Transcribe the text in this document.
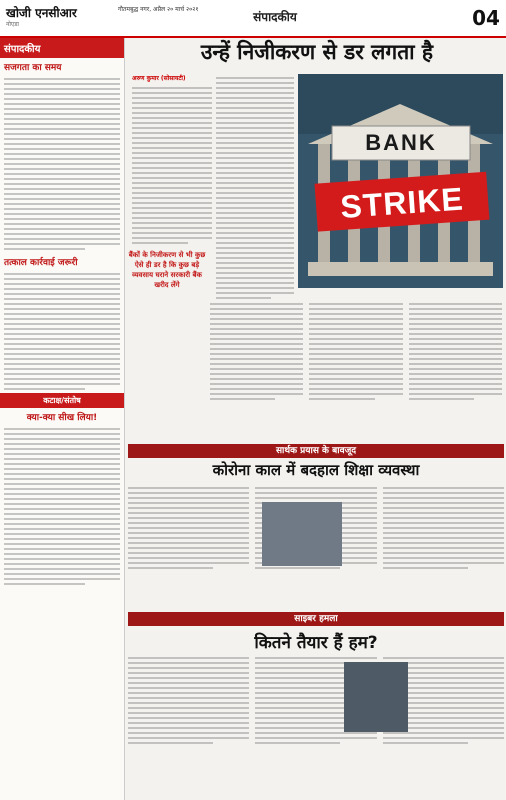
खोजी एनसीआर
नोएडा
गौतमबुद्ध नगर, अप्रैल २० मार्च २०२१
संपादकीय	04
संपादकीय
सजगता का समय
तत्काल कार्रवाई जरूरी
कटाक्ष/संतोष
क्या-क्या सीख लिया!
उन्हें निजीकरण से डर लगता है
अरुण कुमार (सोसायटी)
बैंकों के निजीकरण से भी कुछ ऐसे ही डर है कि कुछ बड़े व्यवसाय घराने सरकारी बैंक खरीद लेंगे
BANK
STRIKE
सार्थक प्रयास के बावजूद
कोरोना काल में बदहाल शिक्षा व्यवस्था
साइबर हमला
कितने तैयार हैं हम?
